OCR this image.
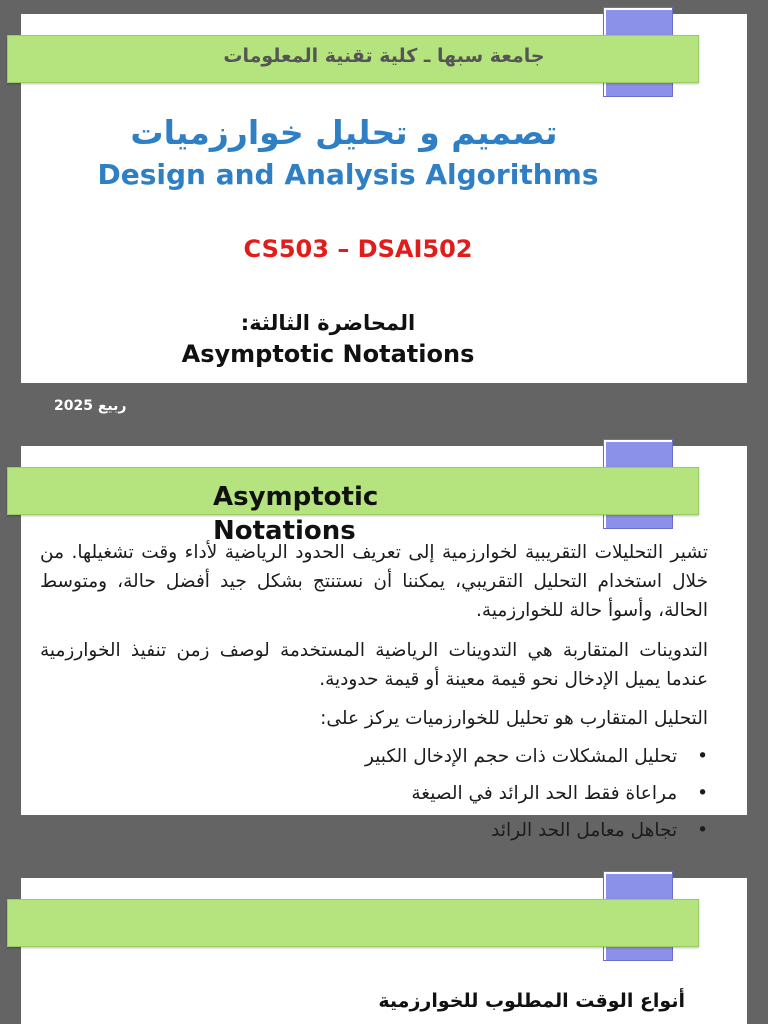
جامعة سبها ـ كلية تقنية المعلومات
تصميم و تحليل خوارزميات
Design and Analysis Algorithms
CS503 – DSAI502
المحاضرة الثالثة:
Asymptotic Notations
ربيع 2025
Asymptotic Notations
تشير التحليلات التقريبية لخوارزمية إلى تعريف الحدود الرياضية لأداء وقت تشغيلها. من خلال استخدام التحليل التقريبي، يمكننا أن نستنتج بشكل جيد أفضل حالة، ومتوسط الحالة، وأسوأ حالة للخوارزمية.
التدوينات المتقاربة هي التدوينات الرياضية المستخدمة لوصف زمن تنفيذ الخوارزمية عندما يميل الإدخال نحو قيمة معينة أو قيمة حدودية.
التحليل المتقارب هو تحليل للخوارزميات يركز على:
• تحليل المشكلات ذات حجم الإدخال الكبير
• مراعاة فقط الحد الرائد في الصيغة
• تجاهل معامل الحد الرائد
أنواع الوقت المطلوب للخوارزمية
